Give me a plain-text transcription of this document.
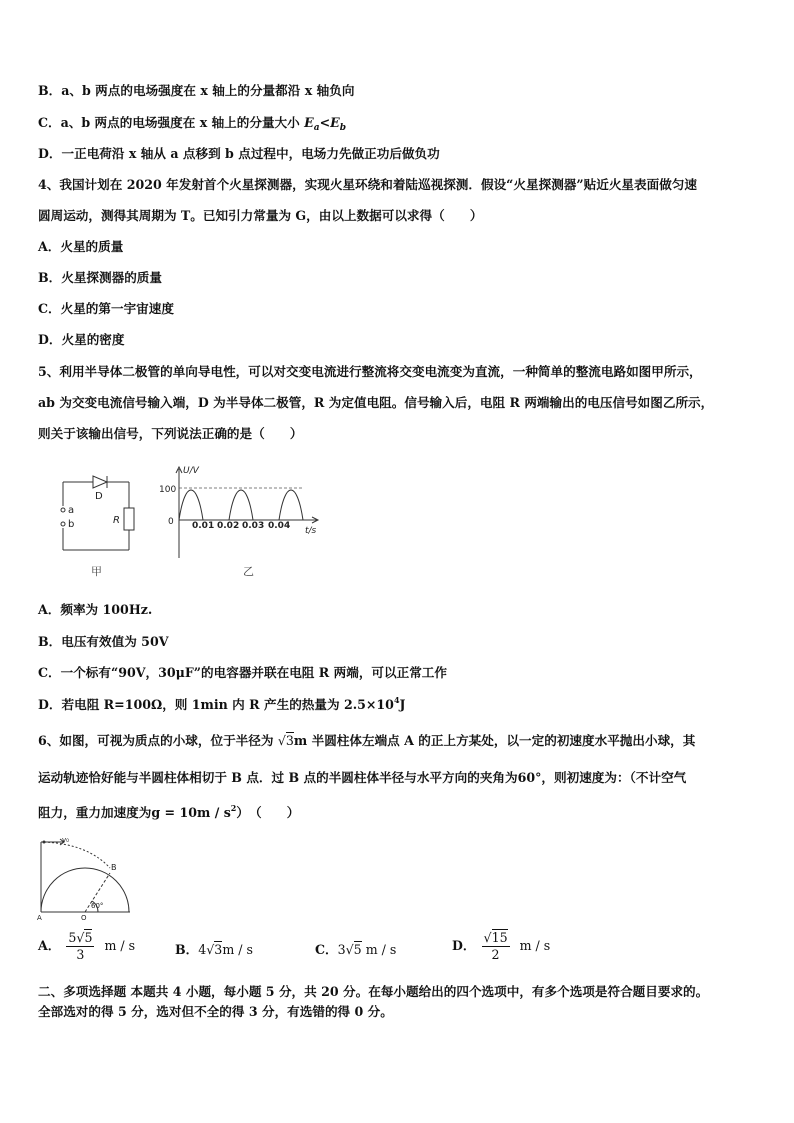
B．a、b 两点的电场强度在 x 轴上的分量都沿 x 轴负向
C．a、b 两点的电场强度在 x 轴上的分量大小 $E_a<E_b$
D．一正电荷沿 x 轴从 a 点移到 b 点过程中，电场力先做正功后做负功
4、我国计划在 2020 年发射首个火星探测器，实现火星环绕和着陆巡视探测．假设“火星探测器”贴近火星表面做匀速
圆周运动，测得其周期为 T。已知引力常量为 G，由以上数据可以求得（　　）
A．火星的质量
B．火星探测器的质量
C．火星的第一宇宙速度
D．火星的密度
5、利用半导体二极管的单向导电性，可以对交变电流进行整流将交变电流变为直流，一种简单的整流电路如图甲所示，
ab 为交变电流信号输入端，D 为半导体二极管，R 为定值电阻。信号输入后，电阻 R 两端输出的电压信号如图乙所示，
则关于该输出信号，下列说法正确的是（　　）
D
a
b	R
甲
U/V
t/s
100
0 0.01 0.02 0.03 0.04
乙
A．频率为 100Hz.
B．电压有效值为 50V
C．一个标有“90V，30μF”的电容器并联在电阻 R 两端，可以正常工作
D．若电阻 R=100Ω，则 1min 内 R 产生的热量为 $2.5\times 10^4J$
6、如图，可视为质点的小球，位于半径为 √3m 半圆柱体左端点 A 的正上方某处，以一定的初速度水平抛出小球，其
运动轨迹恰好能与半圆柱体相切于 B 点．过 B 点的半圆柱体半径与水平方向的夹角为60°，则初速度为：（不计空气
阻力，重力加速度为$g = 10m / s^2$）　（　　）
v₀
B
A	O
60°
A． $\frac{5√5}{3}$ m / s	B．4√3m / s	C．3√5 m / s	D． $\frac{√15}{2}$ m / s
二、多项选择题 本题共 4 小题，每小题 5 分，共 20 分。在每小题给出的四个选项中，有多个选项是符合题目要求的。
全部选对的得 5 分，选对但不全的得 3 分，有选错的得 0 分。
